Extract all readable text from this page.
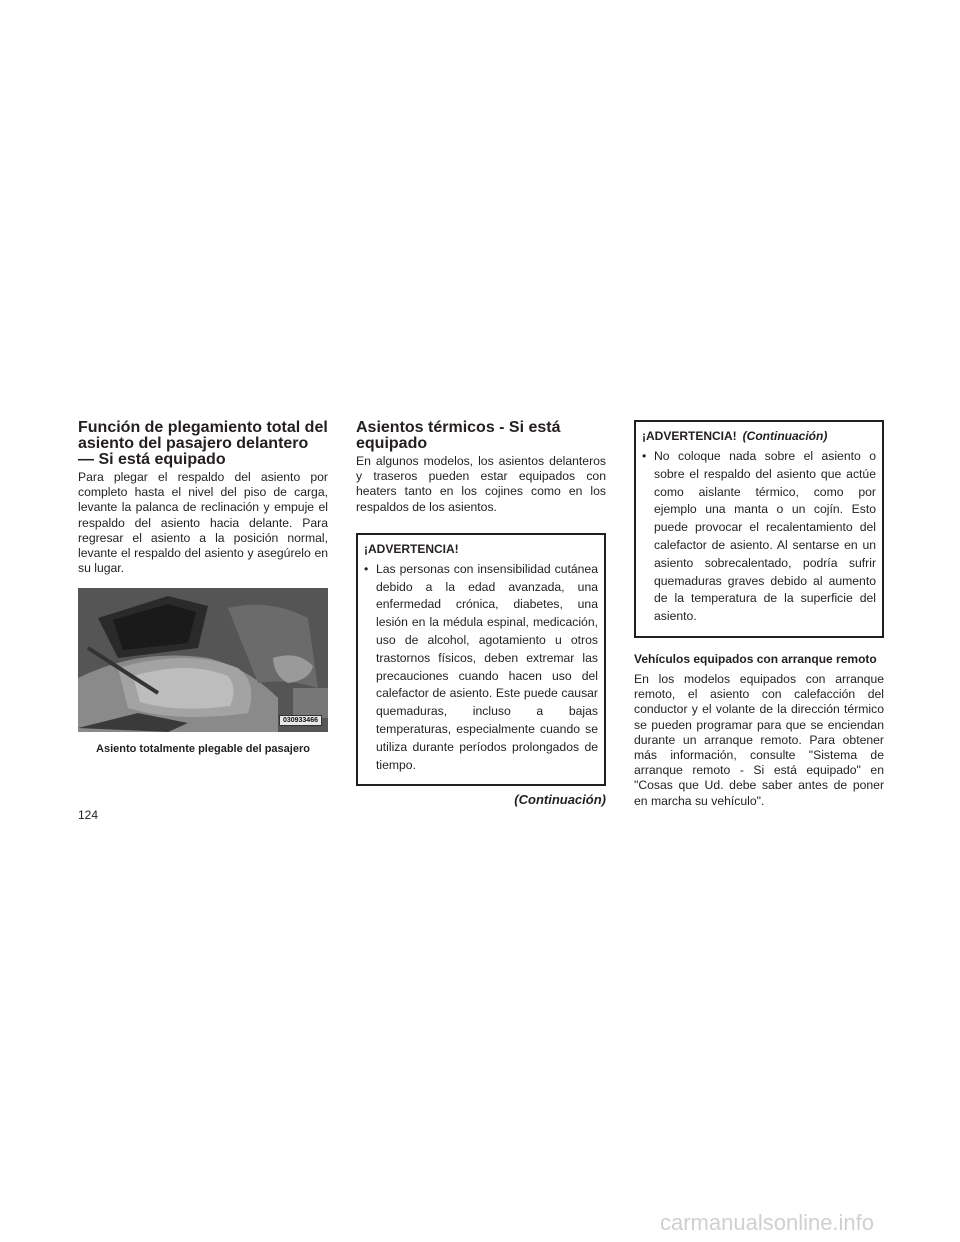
Función de plegamiento total del asiento del pasajero delantero — Si está equipado

Para plegar el respaldo del asiento por completo hasta el nivel del piso de carga, levante la palanca de reclinación y empuje el respaldo del asiento hacia delante. Para regresar el asiento a la posición normal, levante el respaldo del asiento y asegúrelo en su lugar.

030933466
Asiento totalmente plegable del pasajero
Asientos térmicos - Si está equipado

En algunos modelos, los asientos delanteros y traseros pueden estar equipados con heaters tanto en los cojines como en los respaldos de los asientos.

¡ADVERTENCIA!
• Las personas con insensibilidad cutánea debido a la edad avanzada, una enfermedad crónica, diabetes, una lesión en la médula espinal, medicación, uso de alcohol, agotamiento u otros trastornos físicos, deben extremar las precauciones cuando hacen uso del calefactor de asiento. Este puede causar quemaduras, incluso a bajas temperaturas, especialmente cuando se utiliza durante períodos prolongados de tiempo.
(Continuación)
¡ADVERTENCIA! (Continuación)
• No coloque nada sobre el asiento o sobre el respaldo del asiento que actúe como aislante térmico, como por ejemplo una manta o un cojín. Esto puede provocar el recalentamiento del calefactor de asiento. Al sentarse en un asiento sobrecalentado, podría sufrir quemaduras graves debido al aumento de la temperatura de la superficie del asiento.
Vehículos equipados con arranque remoto

En los modelos equipados con arranque remoto, el asiento con calefacción del conductor y el volante de la dirección térmico se pueden programar para que se enciendan durante un arranque remoto. Para obtener más información, consulte "Sistema de arranque remoto - Si está equipado" en "Cosas que Ud. debe saber antes de poner en marcha su vehículo".

124
carmanualsonline.info
